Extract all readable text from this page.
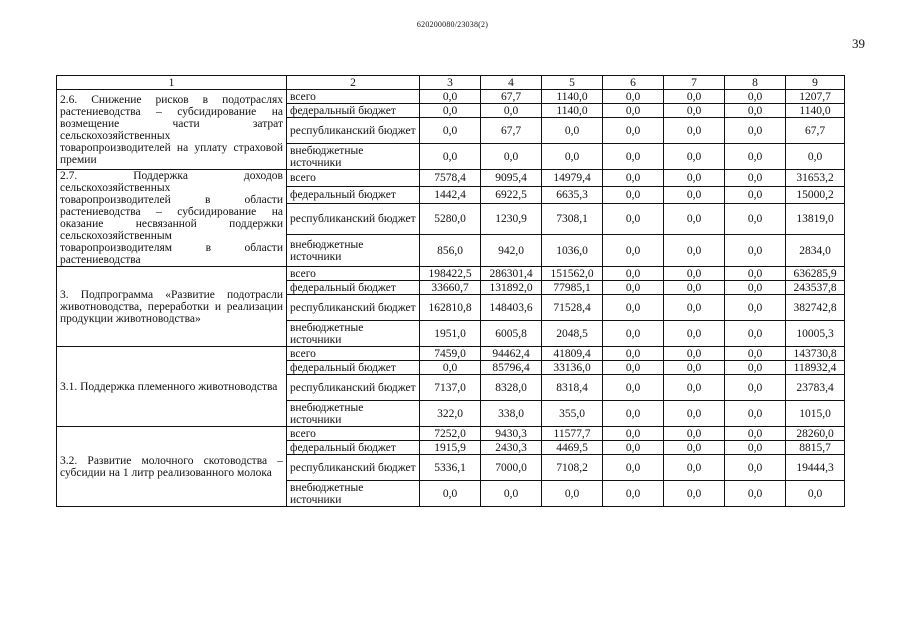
620200080/23038(2)
39
1	2	3	4	5	6	7	8	9
2.6. Снижение рисков в подотраслях растениеводства – субсидирование на возмещение части затрат сельскохозяйственных товаропроизводителей на уплату страховой премии	всего	0,0	67,7	1140,0	0,0	0,0	0,0	1207,7
	федеральный бюджет	0,0	0,0	1140,0	0,0	0,0	0,0	1140,0
	республиканский бюджет	0,0	67,7	0,0	0,0	0,0	0,0	67,7
	внебюджетные источники	0,0	0,0	0,0	0,0	0,0	0,0	0,0
2.7. Поддержка доходов сельскохозяйственных товаропроизводителей в области растениеводства – субсидирование на оказание несвязанной поддержки сельскохозяйственным товаропроизводителям в области растениеводства	всего	7578,4	9095,4	14979,4	0,0	0,0	0,0	31653,2
	федеральный бюджет	1442,4	6922,5	6635,3	0,0	0,0	0,0	15000,2
	республиканский бюджет	5280,0	1230,9	7308,1	0,0	0,0	0,0	13819,0
	внебюджетные источники	856,0	942,0	1036,0	0,0	0,0	0,0	2834,0
3. Подпрограмма «Развитие подотрасли животноводства, переработки и реализации продукции животноводства»	всего	198422,5	286301,4	151562,0	0,0	0,0	0,0	636285,9
	федеральный бюджет	33660,7	131892,0	77985,1	0,0	0,0	0,0	243537,8
	республиканский бюджет	162810,8	148403,6	71528,4	0,0	0,0	0,0	382742,8
	внебюджетные источники	1951,0	6005,8	2048,5	0,0	0,0	0,0	10005,3
3.1. Поддержка племенного животноводства	всего	7459,0	94462,4	41809,4	0,0	0,0	0,0	143730,8
	федеральный бюджет	0,0	85796,4	33136,0	0,0	0,0	0,0	118932,4
	республиканский бюджет	7137,0	8328,0	8318,4	0,0	0,0	0,0	23783,4
	внебюджетные источники	322,0	338,0	355,0	0,0	0,0	0,0	1015,0
3.2. Развитие молочного скотоводства – субсидии на 1 литр реализованного молока	всего	7252,0	9430,3	11577,7	0,0	0,0	0,0	28260,0
	федеральный бюджет	1915,9	2430,3	4469,5	0,0	0,0	0,0	8815,7
	республиканский бюджет	5336,1	7000,0	7108,2	0,0	0,0	0,0	19444,3
	внебюджетные источники	0,0	0,0	0,0	0,0	0,0	0,0	0,0
